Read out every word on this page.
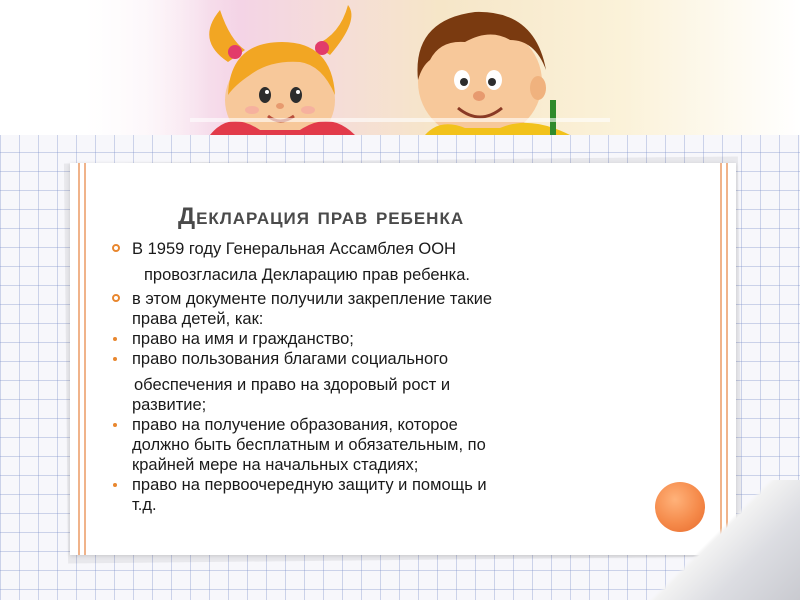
Декларация прав ребенка
В 1959 году Генеральная Ассамблея ООН
провозгласила Декларацию прав ребенка.
в этом документе получили закрепление такие
права детей, как:
право на имя и гражданство;
право пользования благами социального
обеспечения и право на здоровый рост и
развитие;
право на получение образования, которое
должно быть бесплатным и обязательным, по
крайней мере на начальных стадиях;
право на первоочередную защиту и помощь и
т.д.
